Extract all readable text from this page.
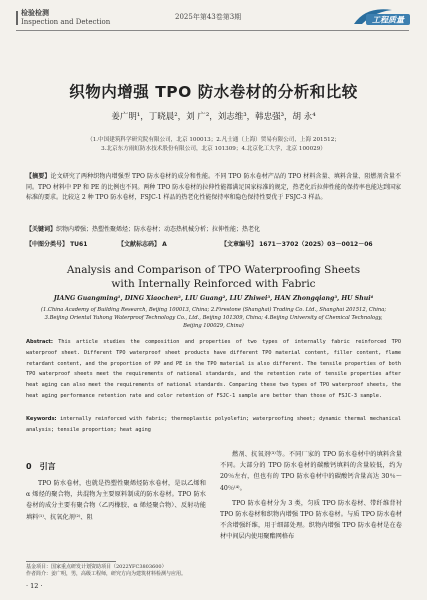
检验检测
Inspection and Detection
2025年第43卷第3期	工程质量
织物内增强 TPO 防水卷材的分析和比较
姜广明¹，丁晓晨²，刘 广²，刘志维³，韩忠强³，胡 永⁴
（1.中国建筑科学研究院有限公司，北京 100013；2.凡士通（上海）贸易有限公司，上海 201512；
3.北京东方雨虹防水技术股份有限公司，北京 101309；4.北京化工大学，北京 100029）
【摘要】论文研究了两种织物内增强型 TPO 防水卷材的成分和性能。不同 TPO 防水卷材产品的 TPO 材料含量、填料含量、阻燃剂含量不同。TPO 材料中 PP 和 PE 的比例也不同。两种 TPO 防水卷材的拉伸性能都满足国家标准的规定，热老化后拉伸性能的保持率也能达到国家标准的要求。比较这 2 种 TPO 防水卷材，FSJC-1 样品的热老化性能保持率和隐色保持性要优于 FSJC-3 样品。
【关键词】织物内增强；热塑性聚烯烃；防水卷材；动态热机械分析；拉伸性能；热老化
【中图分类号】 TU61	【文献标志码】 A	【文章编号】 1671－3702（2025）03－0012－06
Analysis and Comparison of TPO Waterproofing Sheets
with Internally Reinforced with Fabric
JIANG Guangming¹, DING Xiaochen², LIU Guang², LIU Zhiwei³, HAN Zhongqiang³, HU Shui⁴
(1.China Academy of Building Research, Beijing 100013, China; 2.Firestone (Shanghai) Trading Co. Ltd., Shanghai 201512, China; 3.Beijing Oriental Yuhong Waterproof Technology Co., Ltd., Beijing 101309, China; 4.Beijing University of Chemical Technology, Beijing 100029, China)
Abstract: This article studies the composition and properties of two types of internally fabric reinforced TPO waterproof sheet. Different TPO waterproof sheet products have different TPO material content, filler content, flame retardant content, and the proportion of PP and PE in the TPO material is also different. The tensile properties of both TPO waterproof sheets meet the requirements of national standards, and the retention rate of tensile properties after heat aging can also meet the requirements of national standards. Comparing these two types of TPO waterproof sheets, the heat aging performance retention rate and color retention of FSJC-1 sample are better than those of FSJC-3 sample.
Keywords: internally reinforced with fabric; thermoplastic polyolefin; waterproofing sheet; dynamic thermal mechanical analysis; tensile proportion; heat aging
0　引言
TPO 防水卷材，也就是热塑性聚烯烃防水卷材，是以乙烯和 α 烯烃的聚合物，共混物为主要原料制成的防水卷材。TPO 防水卷材的成分主要有聚合物（乙丙橡胶、α 烯烃聚合物）、反射功能填料⁽¹⁾、抗氧化剂⁽²⁾、阻
燃剂、抗氧剂⁽³⁾等。不同厂家的 TPO 防水卷材中的填料含量不同。大部分的 TPO 防水卷材的碳酸钙填料的含量较低，约为 20％左右，但也有的 TPO 防水卷材中的碳酸钙含量高达 30％～40％⁽⁴⁾。
TPO 防水卷材分为 3 类，匀质 TPO 防水卷材、带纤维背衬 TPO 防水卷材和织物内增强 TPO 防水卷材。与质 TPO 防水卷材不含增强纤维，用于细部处理。织物内增强 TPO 防水卷材是在卷材中间层内使用聚酯网格布
基金项目：国家重点研发计划资助项目（2022YFC3803600）
作者简介：姜广明，男，高级工程师，研究方向为建筑材料检测与应用。
· 12 ·
